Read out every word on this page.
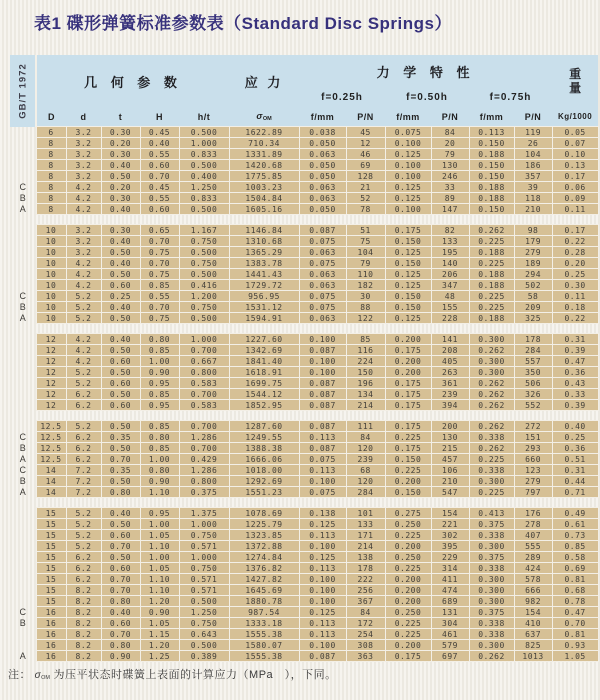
表1 碟形弹簧标准参数表（Standard Disc Springs）
GB/T 1972	几 何 参 数					应 力	力 学 特 性						重
量

							f=0.25h		f=0.50h		f=0.75h		
	D	d	t	H	h/t	σOM	f/mm	P/N	f/mm	P/N	f/mm	P/N	Kg/1000
	6	3.2	0.30	0.45	0.500	1622.89	0.038	45	0.075	84	0.113	119	0.05
	8	3.2	0.20	0.40	1.000	710.34	0.050	12	0.100	20	0.150	26	0.07
	8	3.2	0.30	0.55	0.833	1331.89	0.063	46	0.125	79	0.188	104	0.10
	8	3.2	0.40	0.60	0.500	1420.68	0.050	69	0.100	130	0.150	186	0.13
	8	3.2	0.50	0.70	0.400	1775.85	0.050	128	0.100	246	0.150	357	0.17
C	8	4.2	0.20	0.45	1.250	1003.23	0.063	21	0.125	33	0.188	39	0.06
B	8	4.2	0.30	0.55	0.833	1504.84	0.063	52	0.125	89	0.188	118	0.09
A	8	4.2	0.40	0.60	0.500	1605.16	0.050	78	0.100	147	0.150	210	0.11

	10	3.2	0.30	0.65	1.167	1146.84	0.087	51	0.175	82	0.262	98	0.17
	10	3.2	0.40	0.70	0.750	1310.68	0.075	75	0.150	133	0.225	179	0.22
	10	3.2	0.50	0.75	0.500	1365.29	0.063	104	0.125	195	0.188	279	0.28
	10	4.2	0.40	0.70	0.750	1383.78	0.075	79	0.150	140	0.225	189	0.20
	10	4.2	0.50	0.75	0.500	1441.43	0.063	110	0.125	206	0.188	294	0.25
	10	4.2	0.60	0.85	0.416	1729.72	0.063	182	0.125	347	0.188	502	0.30
C	10	5.2	0.25	0.55	1.200	956.95	0.075	30	0.150	48	0.225	58	0.11
B	10	5.2	0.40	0.70	0.750	1531.12	0.075	88	0.150	155	0.225	209	0.18
A	10	5.2	0.50	0.75	0.500	1594.91	0.063	122	0.125	228	0.188	325	0.22

	12	4.2	0.40	0.80	1.000	1227.60	0.100	85	0.200	141	0.300	178	0.31
	12	4.2	0.50	0.85	0.700	1342.69	0.087	116	0.175	208	0.262	284	0.39
	12	4.2	0.60	1.00	0.667	1841.40	0.100	224	0.200	405	0.300	557	0.47
	12	5.2	0.50	0.90	0.800	1618.91	0.100	150	0.200	263	0.300	350	0.36
	12	5.2	0.60	0.95	0.583	1699.75	0.087	196	0.175	361	0.262	506	0.43
	12	6.2	0.50	0.85	0.700	1544.12	0.087	134	0.175	239	0.262	326	0.33
	12	6.2	0.60	0.95	0.583	1852.95	0.087	214	0.175	394	0.262	552	0.39

	12.5	5.2	0.50	0.85	0.700	1287.60	0.087	111	0.175	200	0.262	272	0.40
C	12.5	6.2	0.35	0.80	1.286	1249.55	0.113	84	0.225	130	0.338	151	0.25
B	12.5	6.2	0.50	0.85	0.700	1388.38	0.087	120	0.175	215	0.262	293	0.36
A	12.5	6.2	0.70	1.00	0.429	1666.06	0.075	239	0.150	457	0.225	660	0.51
C	14	7.2	0.35	0.80	1.286	1018.00	0.113	68	0.225	106	0.338	123	0.31
B	14	7.2	0.50	0.90	0.800	1292.69	0.100	120	0.200	210	0.300	279	0.44
A	14	7.2	0.80	1.10	0.375	1551.23	0.075	284	0.150	547	0.225	797	0.71

	15	5.2	0.40	0.95	1.375	1078.69	0.138	101	0.275	154	0.413	176	0.49
	15	5.2	0.50	1.00	1.000	1225.79	0.125	133	0.250	221	0.375	278	0.61
	15	5.2	0.60	1.05	0.750	1323.85	0.113	171	0.225	302	0.338	407	0.73
	15	5.2	0.70	1.10	0.571	1372.88	0.100	214	0.200	395	0.300	555	0.85
	15	6.2	0.50	1.00	1.000	1274.84	0.125	138	0.250	229	0.375	289	0.58
	15	6.2	0.60	1.05	0.750	1376.82	0.113	178	0.225	314	0.338	424	0.69
	15	6.2	0.70	1.10	0.571	1427.82	0.100	222	0.200	411	0.300	578	0.81
	15	8.2	0.70	1.10	0.571	1645.69	0.100	256	0.200	474	0.300	666	0.68
	15	8.2	0.80	1.20	0.500	1880.78	0.100	367	0.200	689	0.300	982	0.78
C	16	8.2	0.40	0.90	1.250	987.54	0.125	84	0.250	131	0.375	154	0.47
B	16	8.2	0.60	1.05	0.750	1333.18	0.113	172	0.225	304	0.338	410	0.70
	16	8.2	0.70	1.15	0.643	1555.38	0.113	254	0.225	461	0.338	637	0.81
	16	8.2	0.80	1.20	0.500	1580.07	0.100	308	0.200	579	0.300	825	0.93
A	16	8.2	0.90	1.25	0.389	1555.38	0.087	363	0.175	697	0.262	1013	1.05
注： σOM 为压平状态时碟簧上表面的计算应力（MPa　），下同。
